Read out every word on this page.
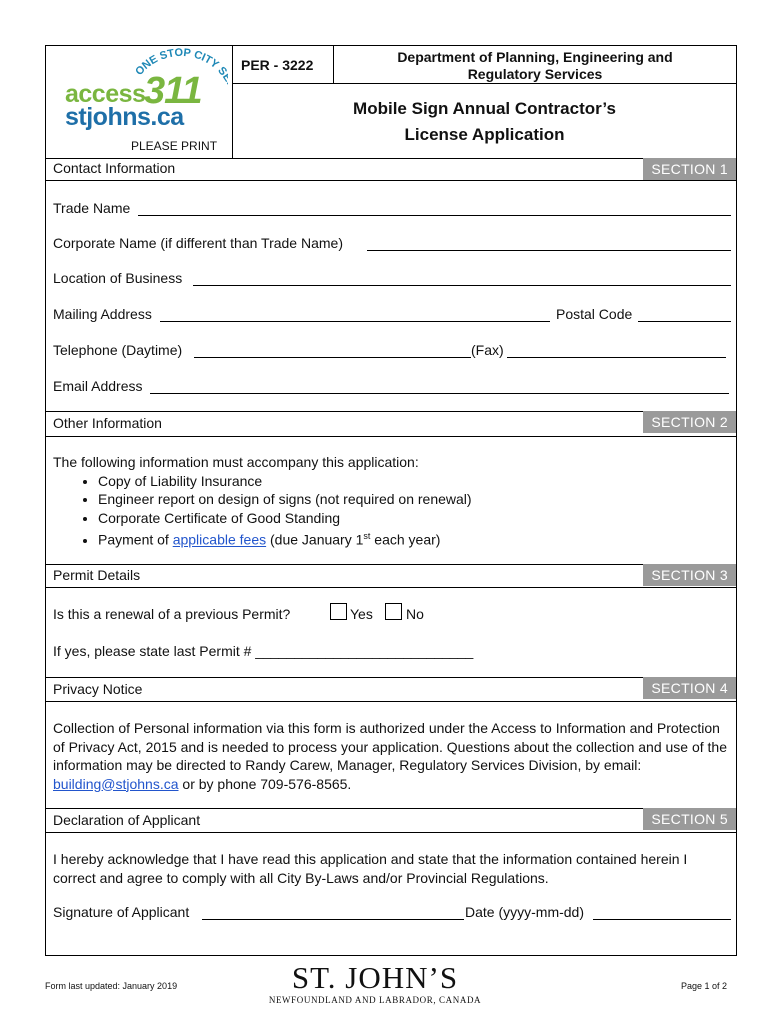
ONE STOP CITY S
access
311
stjohns.ca
PLEASE PRINT
PER - 3222	Department of Planning, Engineering and
Regulatory Services
Mobile Sign Annual Contractor’s
License Application
Contact Information	SECTION 1
Trade Name
Corporate Name (if different than Trade Name)
Location of Business
Mailing Address	Postal Code
Telephone (Daytime)	(Fax)
Email Address
Other Information	SECTION 2
The following information must accompany this application:
• Copy of Liability Insurance
• Engineer report on design of signs (not required on renewal)
• Corporate Certificate of Good Standing
• Payment of applicable fees (due January 1st each year)
Permit Details	SECTION 3
Is this a renewal of a previous Permit?	Yes No
If yes, please state last Permit # ____________________________
Privacy Notice	SECTION 4
Collection of Personal information via this form is authorized under the Access to Information and Protection of Privacy Act, 2015 and is needed to process your application. Questions about the collection and use of the information may be directed to Randy Carew, Manager, Regulatory Services Division, by email: building@stjohns.ca or by phone 709-576-8565.
Declaration of Applicant	SECTION 5
I hereby acknowledge that I have read this application and state that the information contained herein I correct and agree to comply with all City By-Laws and/or Provincial Regulations.
Signature of Applicant	Date (yyyy-mm-dd)
Form last updated: January 2019	ST. JOHN’S
NEWFOUNDLAND AND LABRADOR, CANADA
Page 1 of 2
